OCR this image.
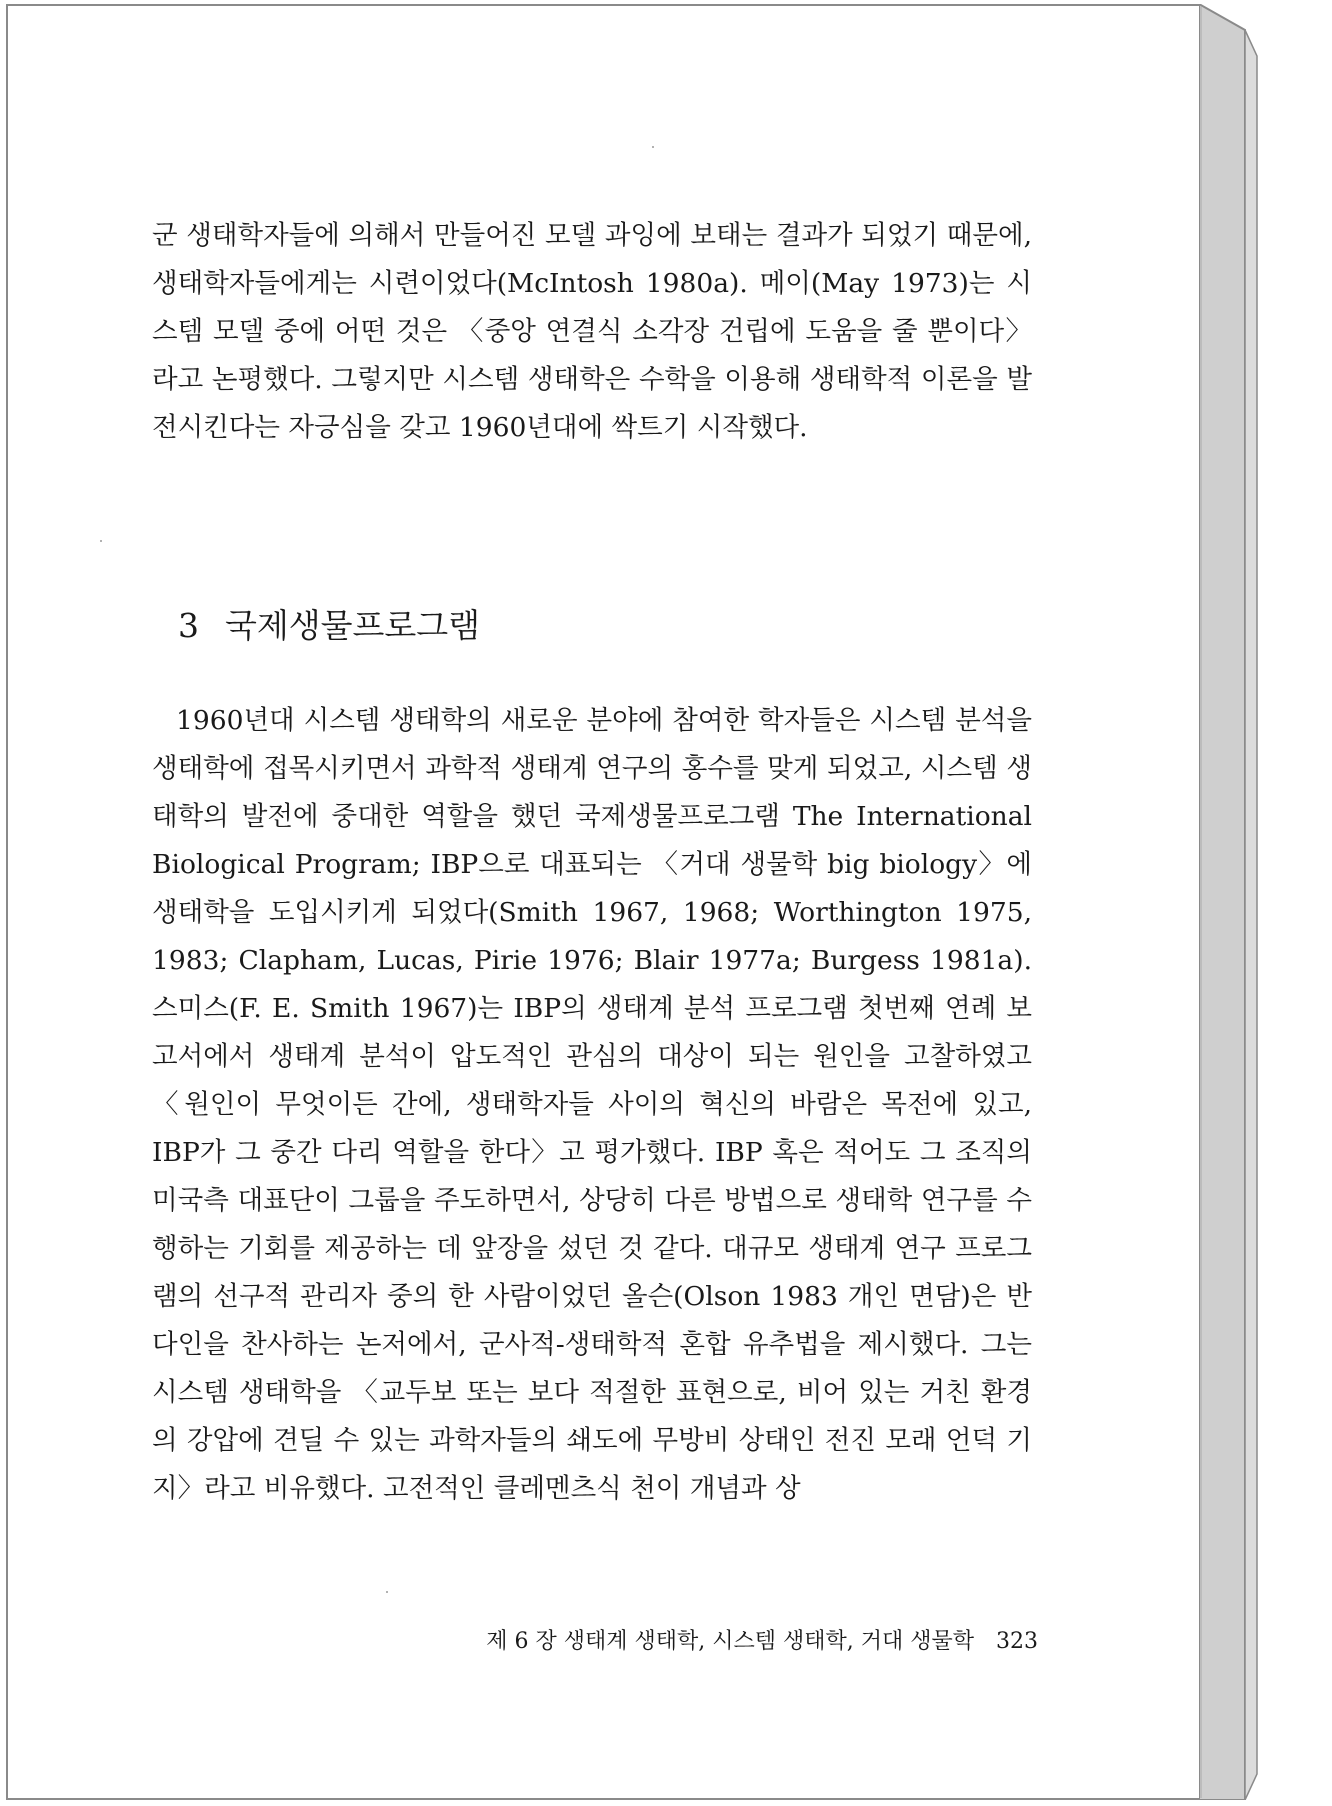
군 생태학자들에 의해서 만들어진 모델 과잉에 보태는 결과가 되었기 때문에, 생태학자들에게는 시련이었다(McIntosh 1980a). 메이(May 1973)는 시스템 모델 중에 어떤 것은 〈중앙 연결식 소각장 건립에 도움을 줄 뿐이다〉라고 논평했다. 그렇지만 시스템 생태학은 수학을 이용해 생태학적 이론을 발전시킨다는 자긍심을 갖고 1960년대에 싹트기 시작했다.

3 국제생물프로그램

1960년대 시스템 생태학의 새로운 분야에 참여한 학자들은 시스템 분석을 생태학에 접목시키면서 과학적 생태계 연구의 홍수를 맞게 되었고, 시스템 생태학의 발전에 중대한 역할을 했던 국제생물프로그램 The International Biological Program; IBP으로 대표되는 〈거대 생물학 big biology〉에 생태학을 도입시키게 되었다(Smith 1967, 1968; Worthington 1975, 1983; Clapham, Lucas, Pirie 1976; Blair 1977a; Burgess 1981a). 스미스(F. E. Smith 1967)는 IBP의 생태계 분석 프로그램 첫번째 연례 보고서에서 생태계 분석이 압도적인 관심의 대상이 되는 원인을 고찰하였고 〈원인이 무엇이든 간에, 생태학자들 사이의 혁신의 바람은 목전에 있고, IBP가 그 중간 다리 역할을 한다〉고 평가했다. IBP 혹은 적어도 그 조직의 미국측 대표단이 그룹을 주도하면서, 상당히 다른 방법으로 생태학 연구를 수행하는 기회를 제공하는 데 앞장을 섰던 것 같다. 대규모 생태계 연구 프로그램의 선구적 관리자 중의 한 사람이었던 올슨(Olson 1983 개인 면담)은 반 다인을 찬사하는 논저에서, 군사적-생태학적 혼합 유추법을 제시했다. 그는 시스템 생태학을 〈교두보 또는 보다 적절한 표현으로, 비어 있는 거친 환경의 강압에 견딜 수 있는 과학자들의 쇄도에 무방비 상태인 전진 모래 언덕 기지〉라고 비유했다. 고전적인 클레멘츠식 천이 개념과 상

제 6 장 생태계 생태학, 시스템 생태학, 거대 생물학 323
